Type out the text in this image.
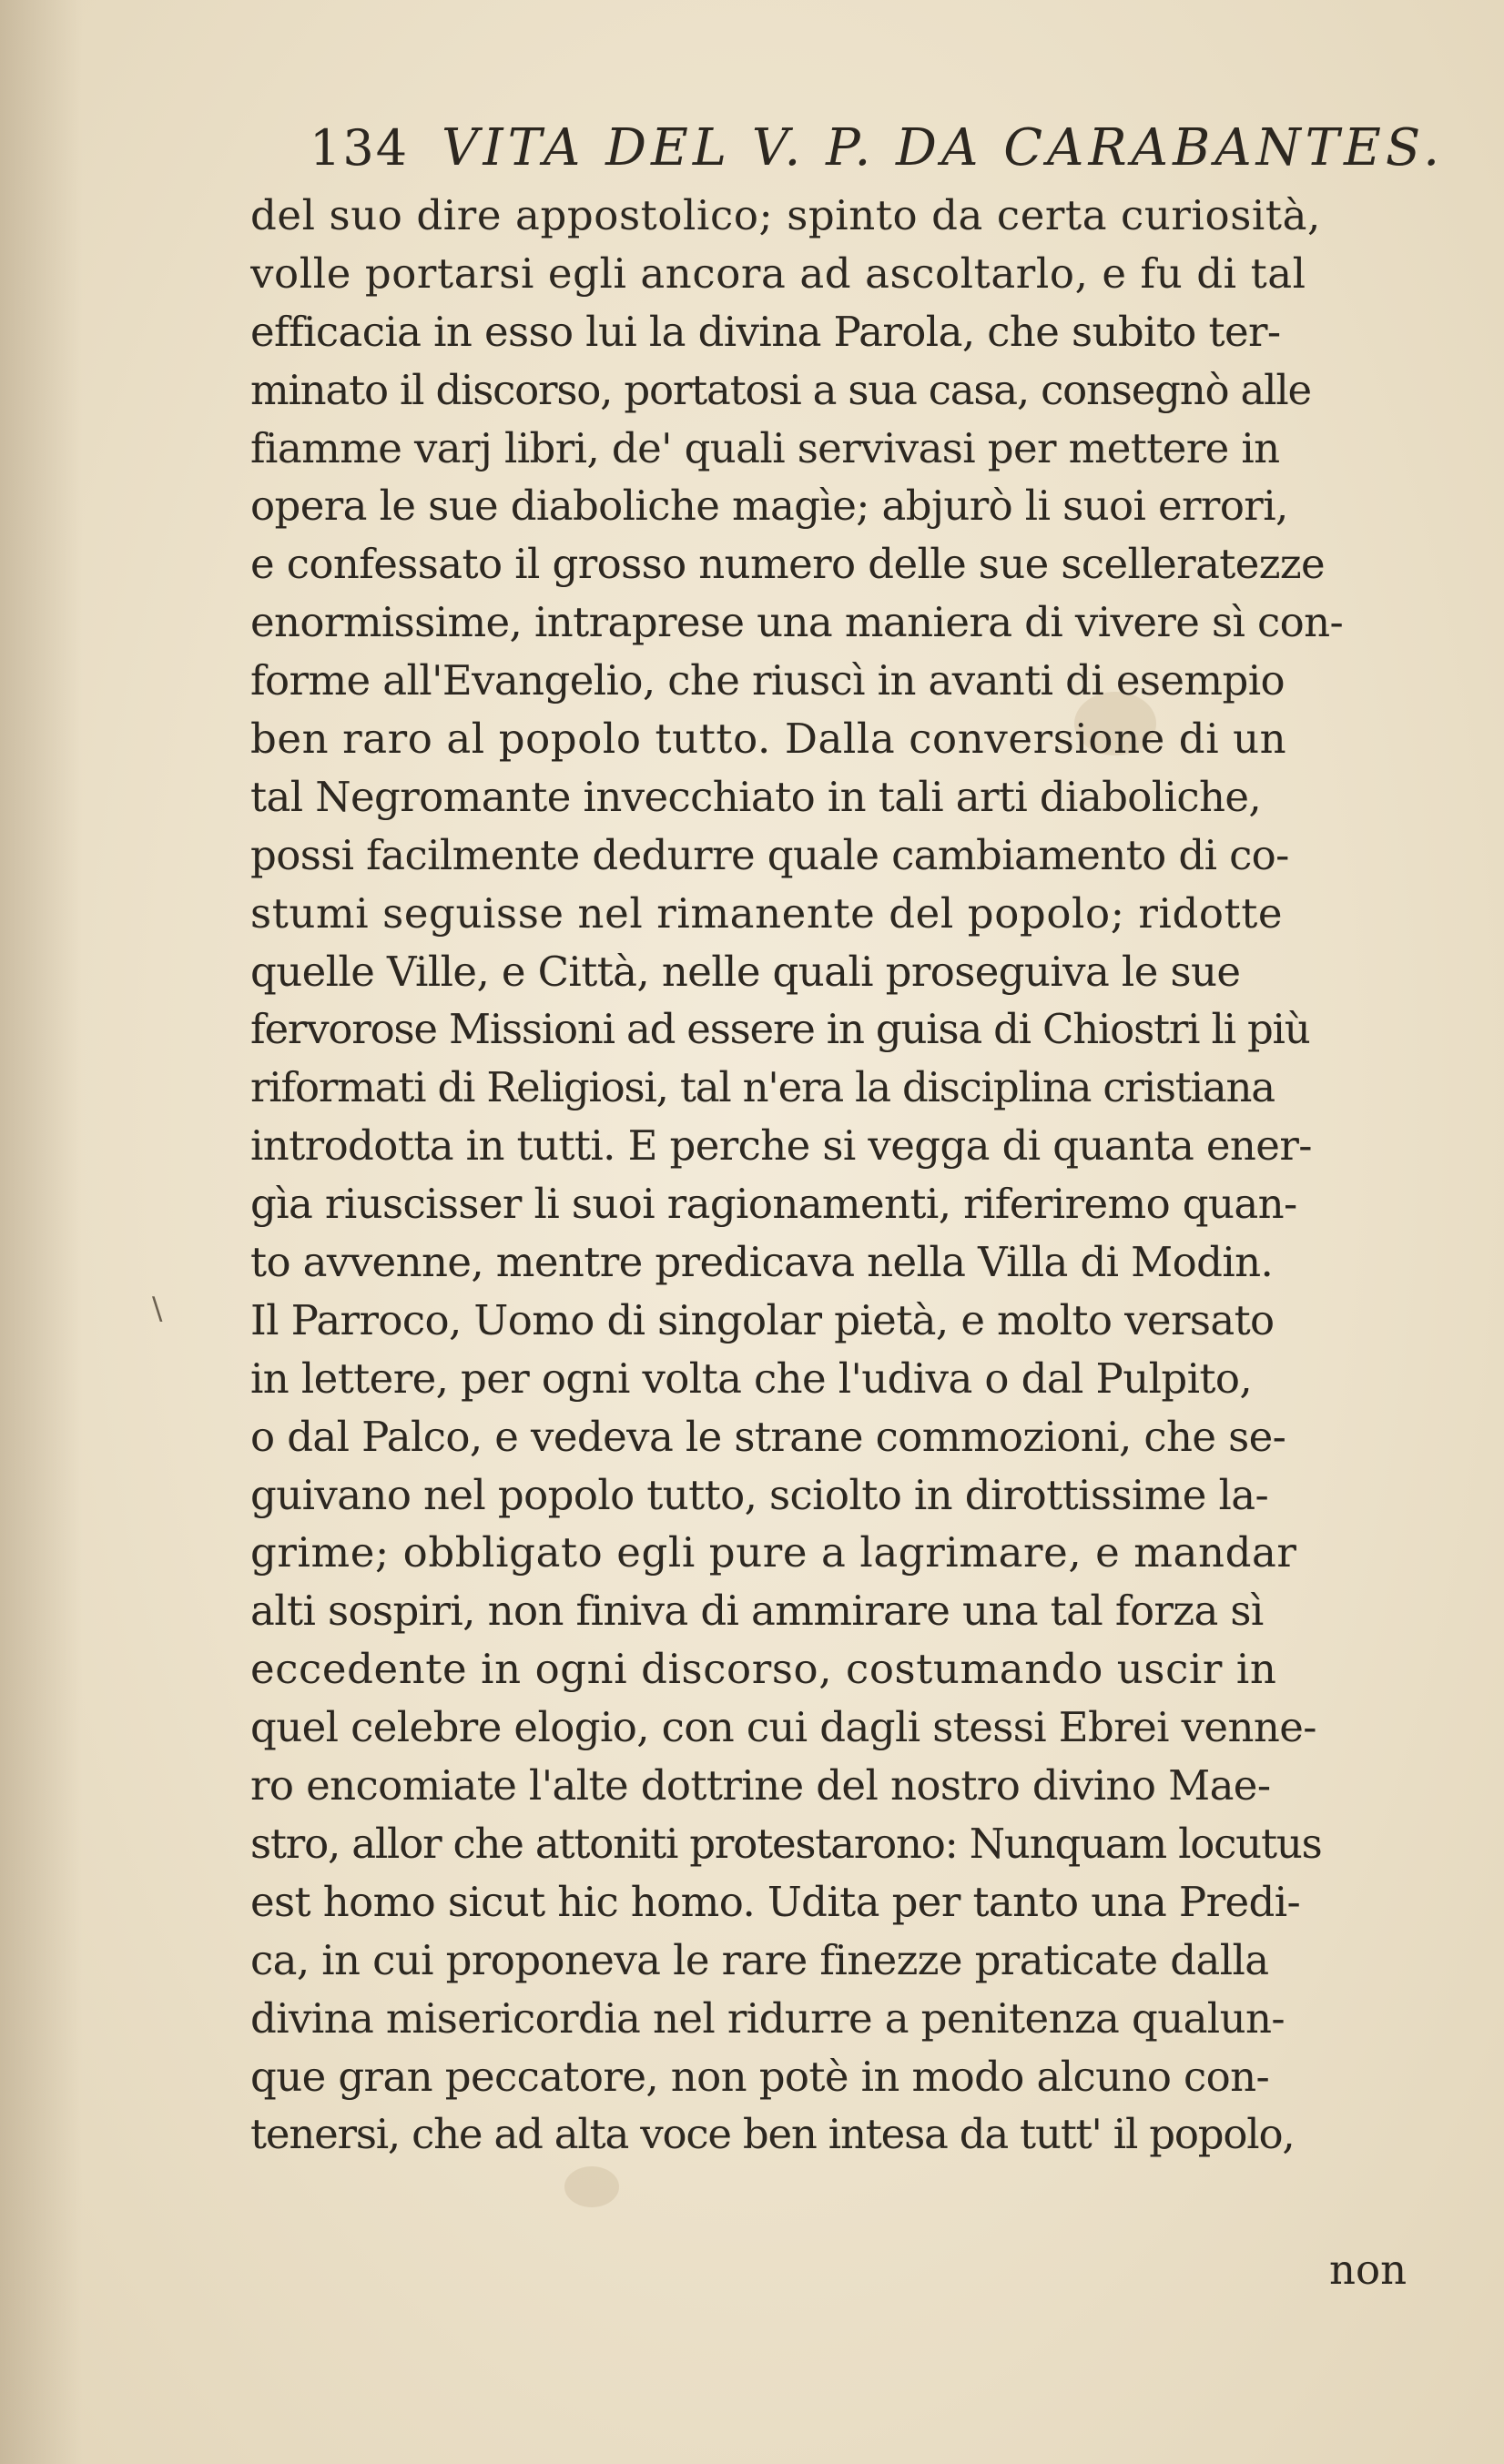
134 VITA DEL V. P. DA CARABANTES.
\
del suo dire appostolico; spinto da certa curiosità,
volle portarsi egli ancora ad ascoltarlo, e fu di tal
efficacia in esso lui la divina Parola, che subito ter-
minato il discorso, portatosi a sua casa, consegnò alle
fiamme varj libri, de' quali servivasi per mettere in
opera le sue diaboliche magìe; abjurò li suoi errori,
e confessato il grosso numero delle sue scelleratezze
enormissime, intraprese una maniera di vivere sì con-
forme all'Evangelio, che riuscì in avanti di esempio
ben raro al popolo tutto. Dalla conversione di un
tal Negromante invecchiato in tali arti diaboliche,
possi facilmente dedurre quale cambiamento di co-
stumi seguisse nel rimanente del popolo; ridotte
quelle Ville, e Città, nelle quali proseguiva le sue
fervorose Missioni ad essere in guisa di Chiostri li più
riformati di Religiosi, tal n'era la disciplina cristiana
introdotta in tutti. E perche si vegga di quanta ener-
gìa riuscisser li suoi ragionamenti, riferiremo quan-
to avvenne, mentre predicava nella Villa di Modin.
Il Parroco, Uomo di singolar pietà, e molto versato
in lettere, per ogni volta che l'udiva o dal Pulpito,
o dal Palco, e vedeva le strane commozioni, che se-
guivano nel popolo tutto, sciolto in dirottissime la-
grime; obbligato egli pure a lagrimare, e mandar
alti sospiri, non finiva di ammirare una tal forza sì
eccedente in ogni discorso, costumando uscir in
quel celebre elogio, con cui dagli stessi Ebrei venne-
ro encomiate l'alte dottrine del nostro divino Mae-
stro, allor che attoniti protestarono: Nunquam locutus
est homo sicut hic homo. Udita per tanto una Predi-
ca, in cui proponeva le rare finezze praticate dalla
divina misericordia nel ridurre a penitenza qualun-
que gran peccatore, non potè in modo alcuno con-
tenersi, che ad alta voce ben intesa da tutt' il popolo,
non
